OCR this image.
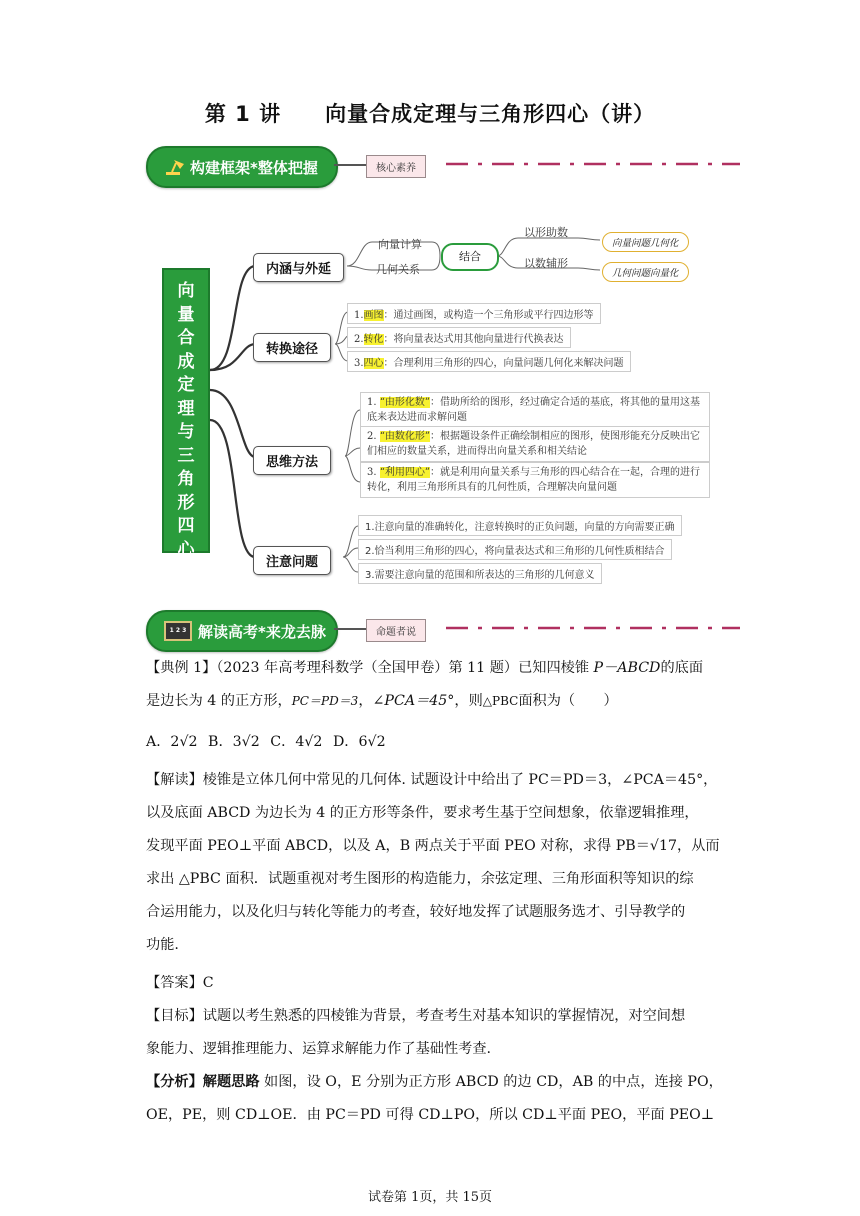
第 1 讲　　向量合成定理与三角形四心（讲）
构建框架*整体把握	核心素养
向
量
合
成
定
理
与
三
角
形
四
心
内涵与外延
向量计算
几何关系
结合
以形助数
以数辅形
向量问题几何化
几何问题向量化
转换途径
1.画图：通过画图，或构造一个三角形或平行四边形等
2.转化：将向量表达式用其他向量进行代换表达
3.四心：合理利用三角形的四心，向量问题几何化来解决问题
思维方法
1. “由形化数”：借助所给的图形，经过确定合适的基底，将其他的量用这基底来表达进而求解问题
2. “由数化形”：根据题设条件正确绘制相应的图形，使图形能充分反映出它们相应的数量关系，进而得出向量关系和相关结论
3. “利用四心”：就是利用向量关系与三角形的四心结合在一起，合理的进行转化，利用三角形所具有的几何性质，合理解决向量问题
注意问题
1.注意向量的准确转化，注意转换时的正负问题，向量的方向需要正确
2.恰当利用三角形的四心，将向量表达式和三角形的几何性质相结合
3.需要注意向量的范围和所表达的三角形的几何意义
1 2 3 解读高考*来龙去脉	命题者说
【典例 1】（2023 年高考理科数学（全国甲卷）第 11 题）已知四棱锥 P－ABCD的底面
是边长为 4 的正方形，PC＝PD＝3，∠PCA＝45°，则△PBC面积为（　　）
A．2√2 B．3√2 C．4√2 D．6√2
【解读】棱锥是立体几何中常见的几何体. 试题设计中给出了 PC＝PD＝3，∠PCA＝45°，
以及底面 ABCD 为边长为 4 的正方形等条件，要求考生基于空间想象，依靠逻辑推理，
发现平面 PEO⊥平面 ABCD，以及 A，B 两点关于平面 PEO 对称，求得 PB＝√17，从而
求出 △PBC 面积．试题重视对考生图形的构造能力，余弦定理、三角形面积等知识的综
合运用能力，以及化归与转化等能力的考查，较好地发挥了试题服务选才、引导教学的
功能.
【答案】C
【目标】试题以考生熟悉的四棱锥为背景，考查考生对基本知识的掌握情况，对空间想
象能力、逻辑推理能力、运算求解能力作了基础性考查.
【分析】解题思路 如图，设 O，E 分别为正方形 ABCD 的边 CD，AB 的中点，连接 PO，
OE，PE，则 CD⊥OE．由 PC＝PD 可得 CD⊥PO，所以 CD⊥平面 PEO，平面 PEO⊥
试卷第 1页，共 15页
